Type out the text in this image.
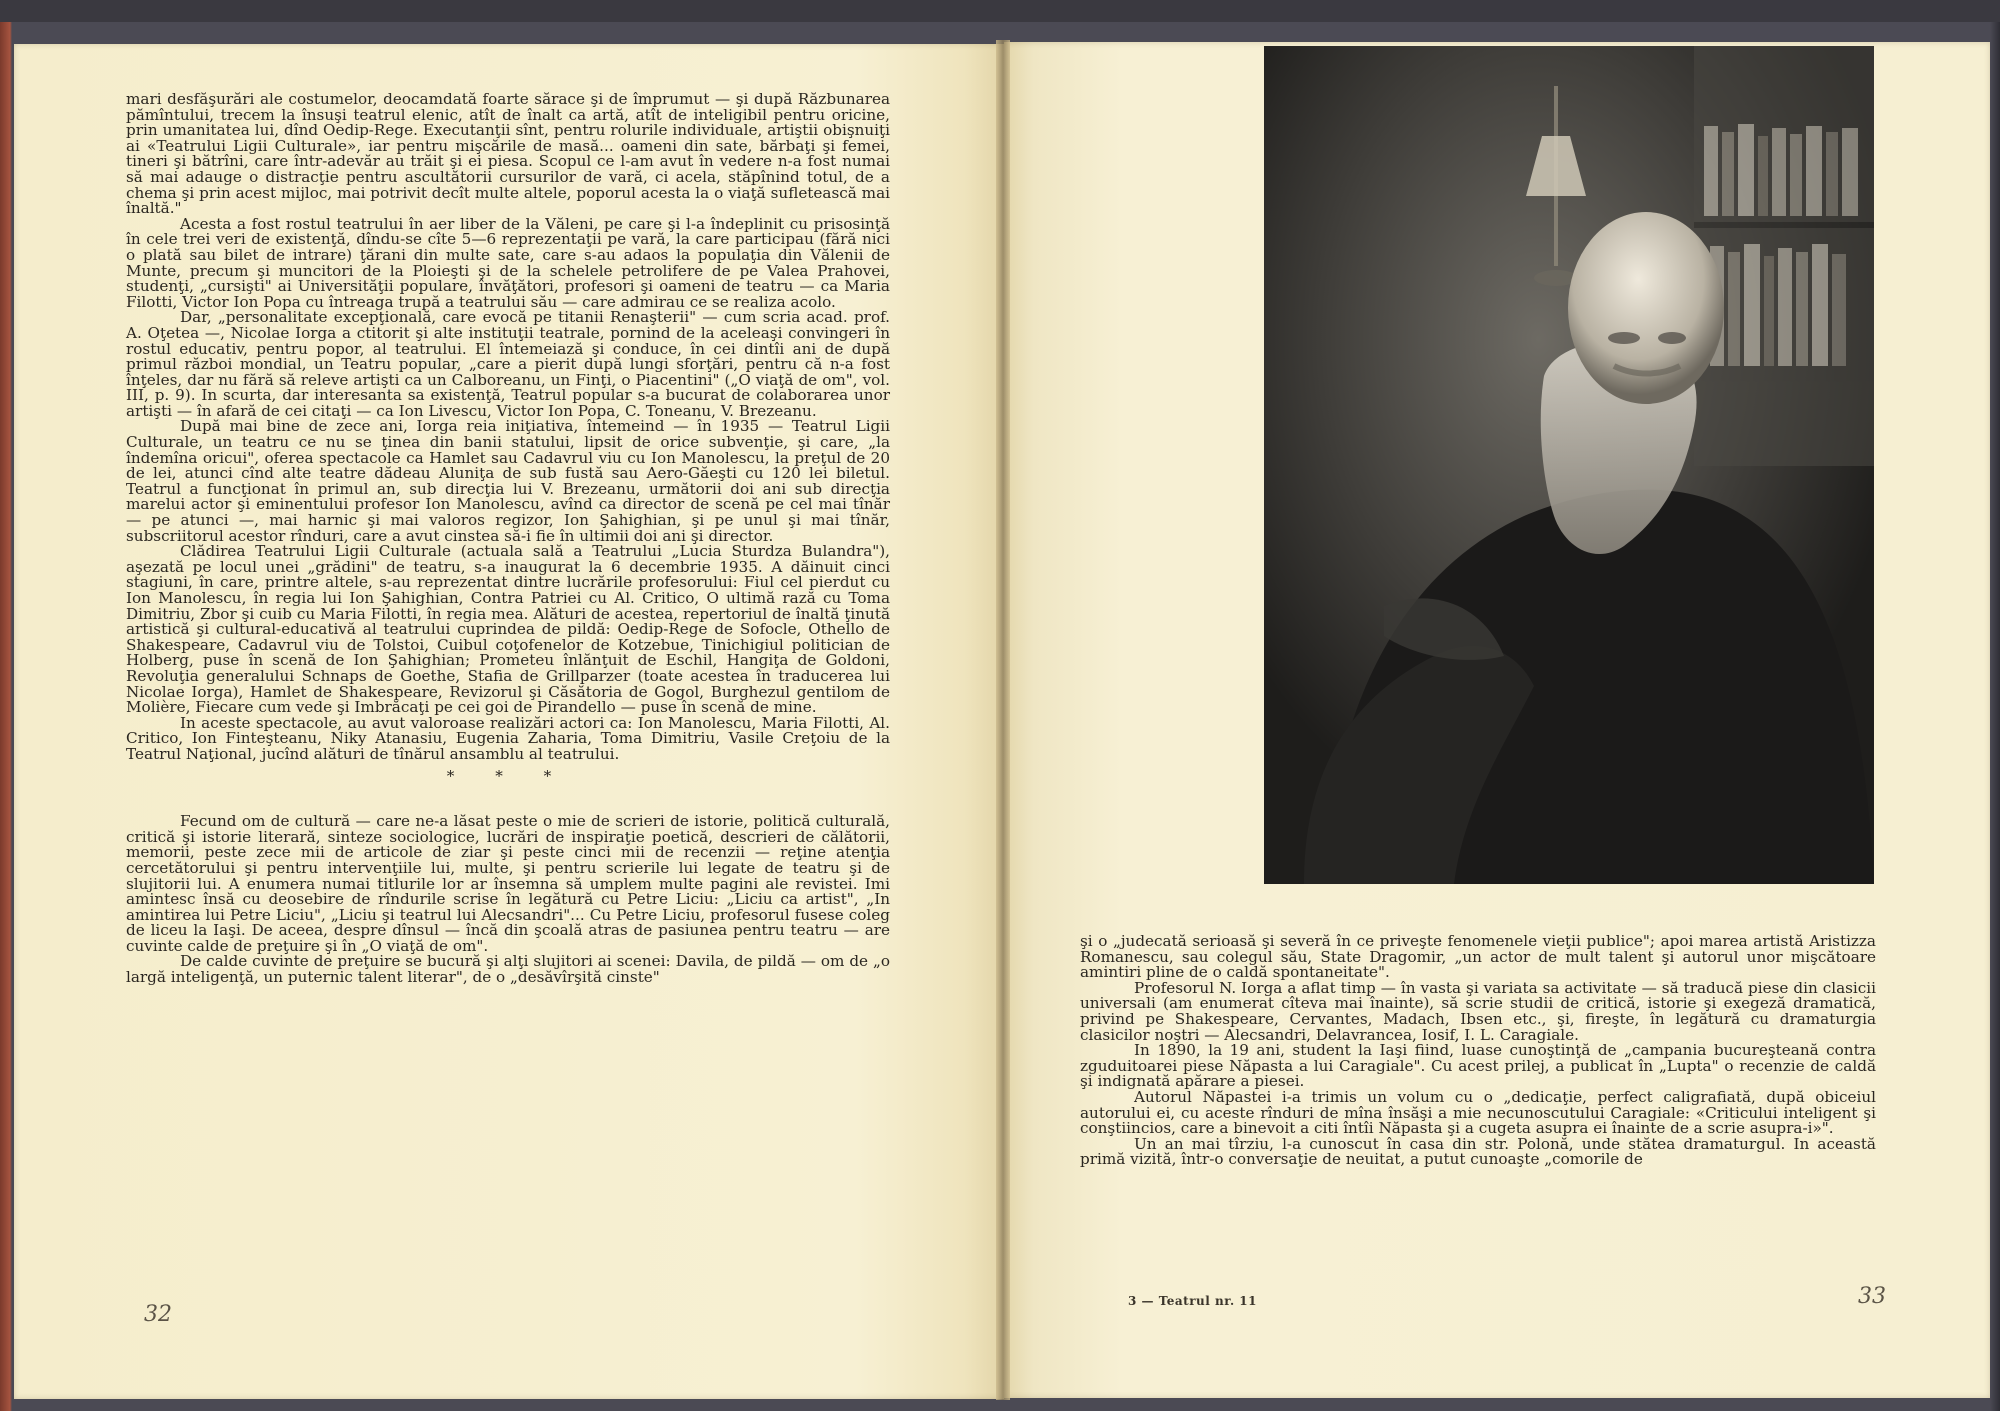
mari desfăşurări ale costumelor, deocamdată foarte sărace şi de împrumut — şi după Răzbunarea pămîntului, trecem la însuşi teatrul elenic, atît de înalt ca artă, atît de inteligibil pentru oricine, prin umanitatea lui, dînd Oedip-Rege. Executanţii sînt, pentru rolurile individuale, artiştii obişnuiţi ai «Teatrului Ligii Culturale», iar pentru mişcările de masă... oameni din sate, bărbaţi şi femei, tineri şi bătrîni, care într-adevăr au trăit şi ei piesa. Scopul ce l-am avut în vedere n-a fost numai să mai adauge o distracţie pentru ascultătorii cursurilor de vară, ci acela, stăpînind totul, de a chema şi prin acest mijloc, mai potrivit decît multe altele, poporul acesta la o viaţă sufletească mai înaltă."

Acesta a fost rostul teatrului în aer liber de la Văleni, pe care şi l-a îndeplinit cu prisosinţă în cele trei veri de existenţă, dîndu-se cîte 5—6 reprezentaţii pe vară, la care participau (fără nici o plată sau bilet de intrare) ţărani din multe sate, care s-au adaos la populaţia din Vălenii de Munte, precum şi muncitori de la Ploieşti şi de la schelele petrolifere de pe Valea Prahovei, studenţi, „cursişti" ai Universităţii populare, învăţători, profesori şi oameni de teatru — ca Maria Filotti, Victor Ion Popa cu întreaga trupă a teatrului său — care admirau ce se realiza acolo.

Dar, „personalitate excepţională, care evocă pe titanii Renaşterii" — cum scria acad. prof. A. Oţetea —, Nicolae Iorga a ctitorit şi alte instituţii teatrale, pornind de la aceleaşi convingeri în rostul educativ, pentru popor, al teatrului. El întemeiază şi conduce, în cei dintîi ani de după primul război mondial, un Teatru popular, „care a pierit după lungi sforţări, pentru că n-a fost înţeles, dar nu fără să releve artişti ca un Calboreanu, un Finţi, o Piacentini" („O viaţă de om", vol. III, p. 9). In scurta, dar interesanta sa existenţă, Teatrul popular s-a bucurat de colaborarea unor artişti — în afară de cei citaţi — ca Ion Livescu, Victor Ion Popa, C. Toneanu, V. Brezeanu.

După mai bine de zece ani, Iorga reia iniţiativa, întemeind — în 1935 — Teatrul Ligii Culturale, un teatru ce nu se ţinea din banii statului, lipsit de orice subvenţie, şi care, „la îndemîna oricui", oferea spectacole ca Hamlet sau Cadavrul viu cu Ion Manolescu, la preţul de 20 de lei, atunci cînd alte teatre dădeau Aluniţa de sub fustă sau Aero-Găeşti cu 120 lei biletul. Teatrul a funcţionat în primul an, sub direcţia lui V. Brezeanu, următorii doi ani sub direcţia marelui actor şi eminentului profesor Ion Manolescu, avînd ca director de scenă pe cel mai tînăr — pe atunci —, mai harnic şi mai valoros regizor, Ion Şahighian, şi pe unul şi mai tînăr, subscriitorul acestor rînduri, care a avut cinstea să-i fie în ultimii doi ani şi director.

Clădirea Teatrului Ligii Culturale (actuala sală a Teatrului „Lucia Sturdza Bulandra"), aşezată pe locul unei „grădini" de teatru, s-a inaugurat la 6 decembrie 1935. A dăinuit cinci stagiuni, în care, printre altele, s-au reprezentat dintre lucrările profesorului: Fiul cel pierdut cu Ion Manolescu, în regia lui Ion Şahighian, Contra Patriei cu Al. Critico, O ultimă rază cu Toma Dimitriu, Zbor şi cuib cu Maria Filotti, în regia mea. Alături de acestea, repertoriul de înaltă ţinută artistică şi cultural-educativă al teatrului cuprindea de pildă: Oedip-Rege de Sofocle, Othello de Shakespeare, Cadavrul viu de Tolstoi, Cuibul coţofenelor de Kotzebue, Tinichigiul politician de Holberg, puse în scenă de Ion Şahighian; Prometeu înlănţuit de Eschil, Hangiţa de Goldoni, Revoluţia generalului Schnaps de Goethe, Stafia de Grillparzer (toate acestea în traducerea lui Nicolae Iorga), Hamlet de Shakespeare, Revizorul şi Căsătoria de Gogol, Burghezul gentilom de Molière, Fiecare cum vede şi Imbrăcaţi pe cei goi de Pirandello — puse în scenă de mine.

In aceste spectacole, au avut valoroase realizări actori ca: Ion Manolescu, Maria Filotti, Al. Critico, Ion Finteşteanu, Niky Atanasiu, Eugenia Zaharia, Toma Dimitriu, Vasile Creţoiu de la Teatrul Naţional, jucînd alături de tînărul ansamblu al teatrului.

* * *

Fecund om de cultură — care ne-a lăsat peste o mie de scrieri de istorie, politică culturală, critică şi istorie literară, sinteze sociologice, lucrări de inspiraţie poetică, descrieri de călătorii, memorii, peste zece mii de articole de ziar şi peste cinci mii de recenzii — reţine atenţia cercetătorului şi pentru intervenţiile lui, multe, şi pentru scrierile lui legate de teatru şi de slujitorii lui. A enumera numai titlurile lor ar însemna să umplem multe pagini ale revistei. Imi amintesc însă cu deosebire de rîndurile scrise în legătură cu Petre Liciu: „Liciu ca artist", „In amintirea lui Petre Liciu", „Liciu şi teatrul lui Alecsandri"... Cu Petre Liciu, profesorul fusese coleg de liceu la Iaşi. De aceea, despre dînsul — încă din şcoală atras de pasiunea pentru teatru — are cuvinte calde de preţuire şi în „O viaţă de om".

De calde cuvinte de preţuire se bucură şi alţi slujitori ai scenei: Davila, de pildă — om de „o largă inteligenţă, un puternic talent literar", de o „desăvîrşită cinste"

32

şi o „judecată serioasă şi severă în ce priveşte fenomenele vieţii publice"; apoi marea artistă Aristizza Romanescu, sau colegul său, State Dragomir, „un actor de mult talent şi autorul unor mişcătoare amintiri pline de o caldă spontaneitate".

Profesorul N. Iorga a aflat timp — în vasta şi variata sa activitate — să traducă piese din clasicii universali (am enumerat cîteva mai înainte), să scrie studii de critică, istorie şi exegeză dramatică, privind pe Shakespeare, Cervantes, Madach, Ibsen etc., şi, fireşte, în legătură cu dramaturgia clasicilor noştri — Alecsandri, Delavrancea, Iosif, I. L. Caragiale.

In 1890, la 19 ani, student la Iaşi fiind, luase cunoştinţă de „campania bucureşteană contra zguduitoarei piese Năpasta a lui Caragiale". Cu acest prilej, a publicat în „Lupta" o recenzie de caldă şi indignată apărare a piesei.

Autorul Năpastei i-a trimis un volum cu o „dedicaţie, perfect caligrafiată, după obiceiul autorului ei, cu aceste rînduri de mîna însăşi a mie necunoscutului Caragiale: «Criticului inteligent şi conştiincios, care a binevoit a citi întîi Năpasta şi a cugeta asupra ei înainte de a scrie asupra-i»".

Un an mai tîrziu, l-a cunoscut în casa din str. Polonă, unde stătea dramaturgul. In această primă vizită, într-o conversaţie de neuitat, a putut cunoaşte „comorile de

3 — Teatrul nr. 11	33
